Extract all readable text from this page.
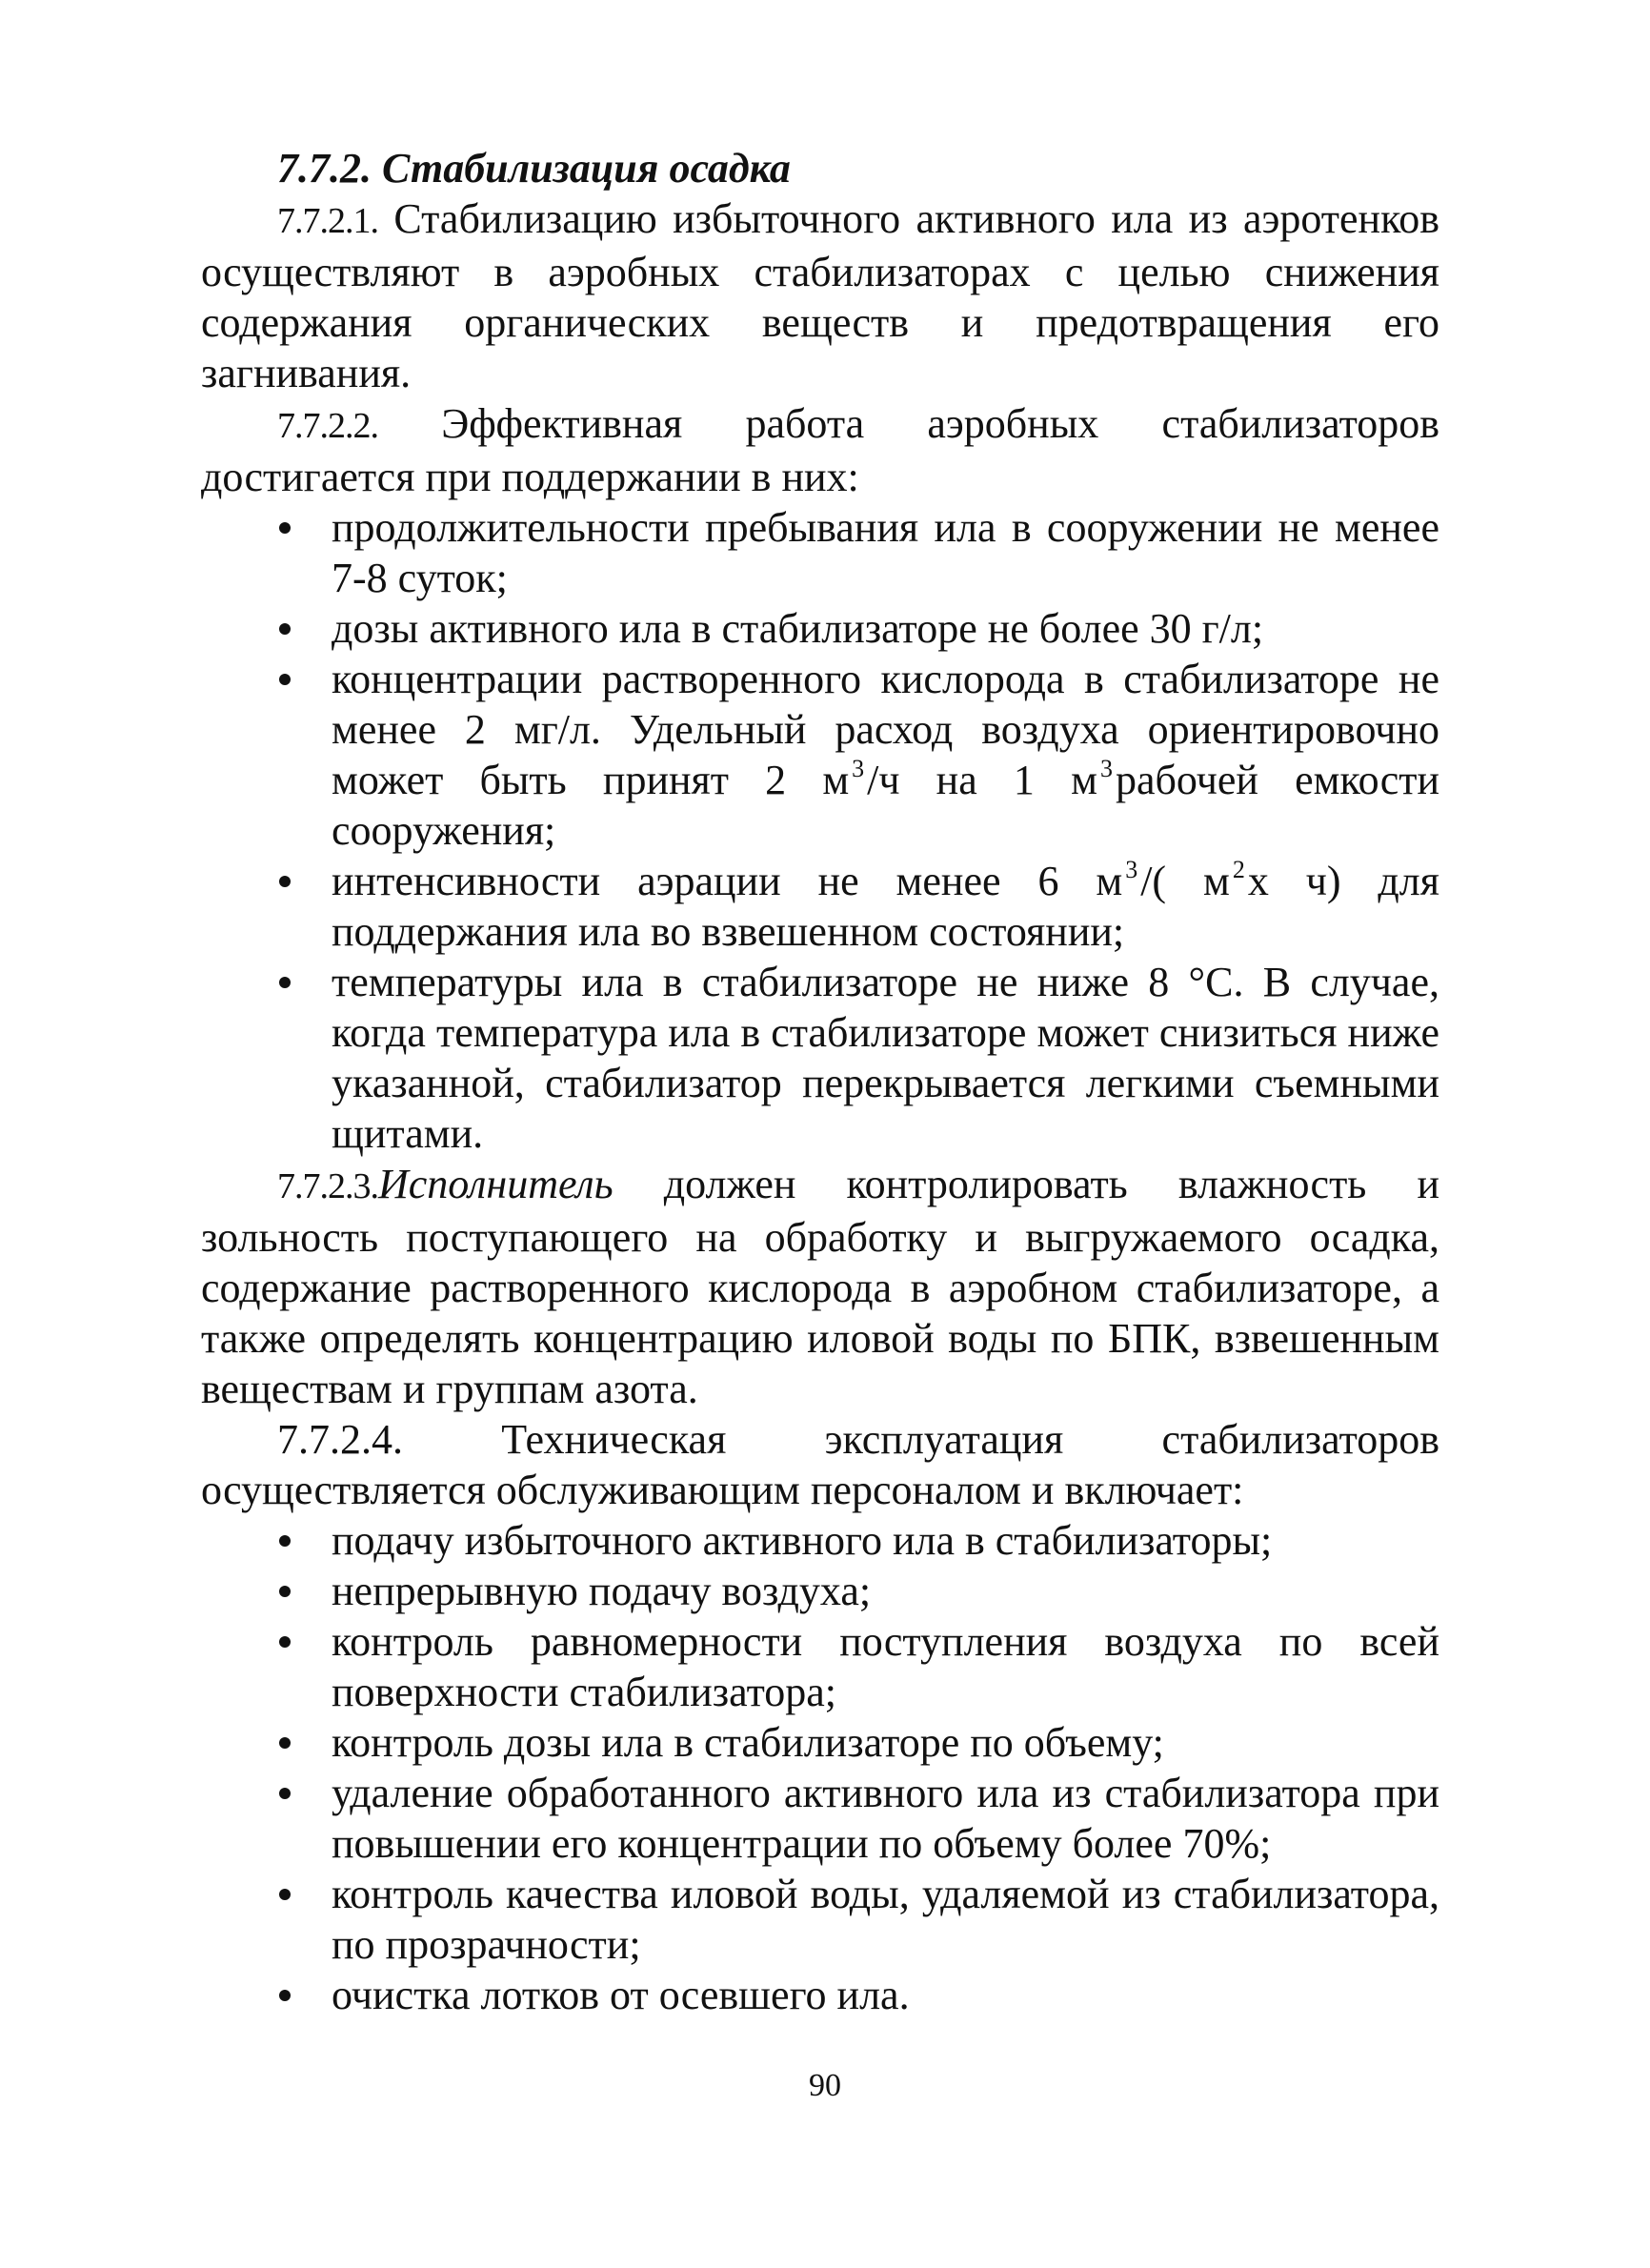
7.7.2. Стабилизация осадка

7.7.2.1. Стабилизацию избыточного активного ила из аэротенков осуществляют в аэробных стабилизаторах с целью снижения содержания органических веществ и предотвращения его загнивания.

7.7.2.2. Эффективная работа аэробных стабилизаторов достигается при поддержании в них:

продолжительности пребывания ила в сооружении не менее 7-8 суток;
дозы активного ила в стабилизаторе не более 30 г/л;
концентрации растворенного кислорода в стабилизаторе не менее 2 мг/л. Удельный расход воздуха ориентировочно может быть принят 2 м $^3$/ч на 1 м $^3$рабочей емкости сооружения;
интенсивности аэрации не менее 6 м $^3$/( м $^2$х ч) для поддержания ила во взвешенном состоянии;
температуры ила в стабилизаторе не ниже 8 °С. В случае, когда температура ила в стабилизаторе может снизиться ниже указанной, стабилизатор перекрывается легкими съемными щитами.

7.7.2.3.Исполнитель должен контролировать влажность и зольность поступающего на обработку и выгружаемого осадка, содержание растворенного кислорода в аэробном стабилизаторе, а также определять концентрацию иловой воды по БПК, взвешенным веществам и группам азота.

7.7.2.4. Техническая эксплуатация стабилизаторов осуществляется обслуживающим персоналом и включает:

подачу избыточного активного ила в стабилизаторы;
непрерывную подачу воздуха;
контроль равномерности поступления воздуха по всей поверхности стабилизатора;
контроль дозы ила в стабилизаторе по объему;
удаление обработанного активного ила из стабилизатора при повышении его концентрации по объему более 70%;
контроль качества иловой воды, удаляемой из стабилизатора, по прозрачности;
очистка лотков от осевшего ила.
90
